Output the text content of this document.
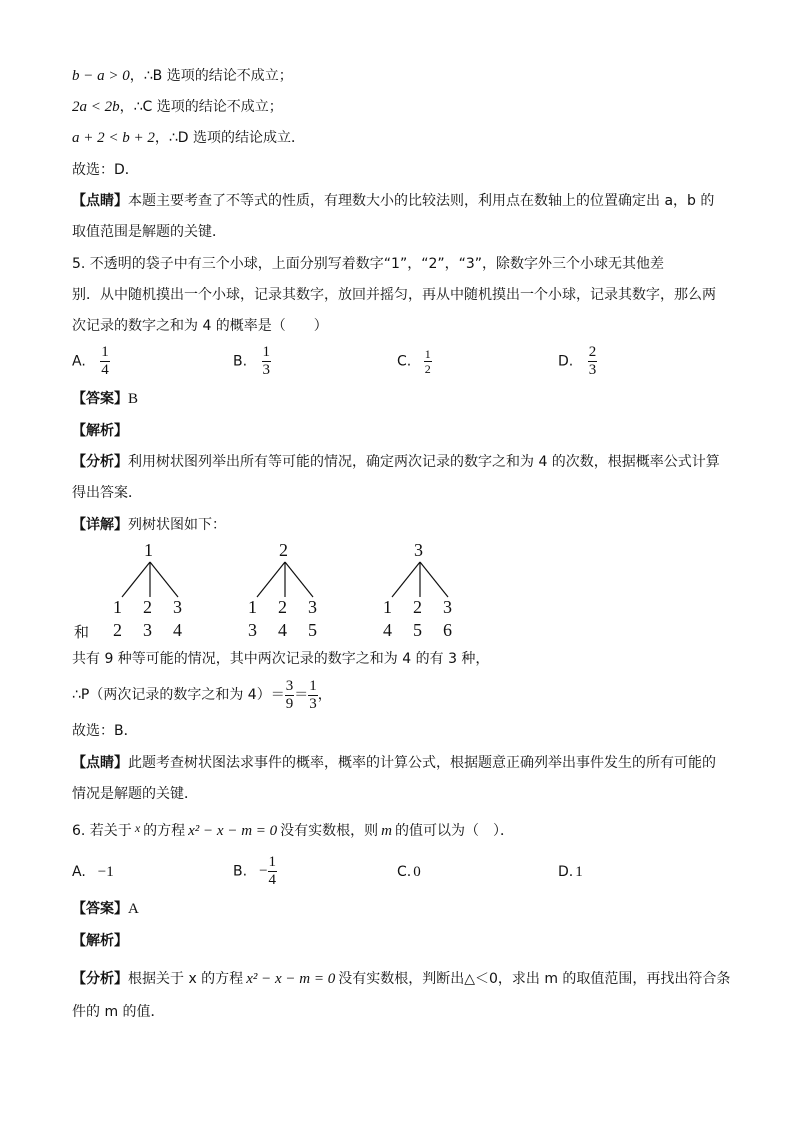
b − a > 0，∴B 选项的结论不成立；
2a < 2b，∴C 选项的结论不成立；
a + 2 < b + 2，∴D 选项的结论成立．
故选：D．
【点睛】本题主要考查了不等式的性质，有理数大小的比较法则，利用点在数轴上的位置确定出 a，b 的
取值范围是解题的关键．
5. 不透明的袋子中有三个小球，上面分别写着数字“1”，“2”，“3”，除数字外三个小球无其他差
别．从中随机摸出一个小球，记录其数字，放回并摇匀，再从中随机摸出一个小球，记录其数字，那么两
次记录的数字之和为 4 的概率是（　　）
A. $\frac{1}{4}$	B. $\frac{1}{3}$	C. $\frac{1}{2}$	D. $\frac{2}{3}$
【答案】B
【解析】
【分析】利用树状图列举出所有等可能的情况，确定两次记录的数字之和为 4 的次数，根据概率公式计算
得出答案．
【详解】列树状图如下：
1	2	3
1 2 3	1 2 3	1 2 3
和 2 3 4	3 4 5	4 5 6
共有 9 种等可能的情况，其中两次记录的数字之和为 4 的有 3 种，
∴P（两次记录的数字之和为 $4)= \frac{3}{9} = \frac{1}{3}$ ，
故选：B．
【点睛】此题考查树状图法求事件的概率，概率的计算公式，根据题意正确列举出事件发生的所有可能的
情况是解题的关键．
6. 若关于 x 的方程 x² − x − m = 0 没有实数根，则 m 的值可以为（　）．
A. −1	B. − $\frac{1}{4}$	C. 0	D. 1
【答案】A
【解析】
【分析】根据关于 x 的方程 x² − x − m = 0 没有实数根，判断出△＜0，求出 m 的取值范围，再找出符合条
件的 m 的值．
